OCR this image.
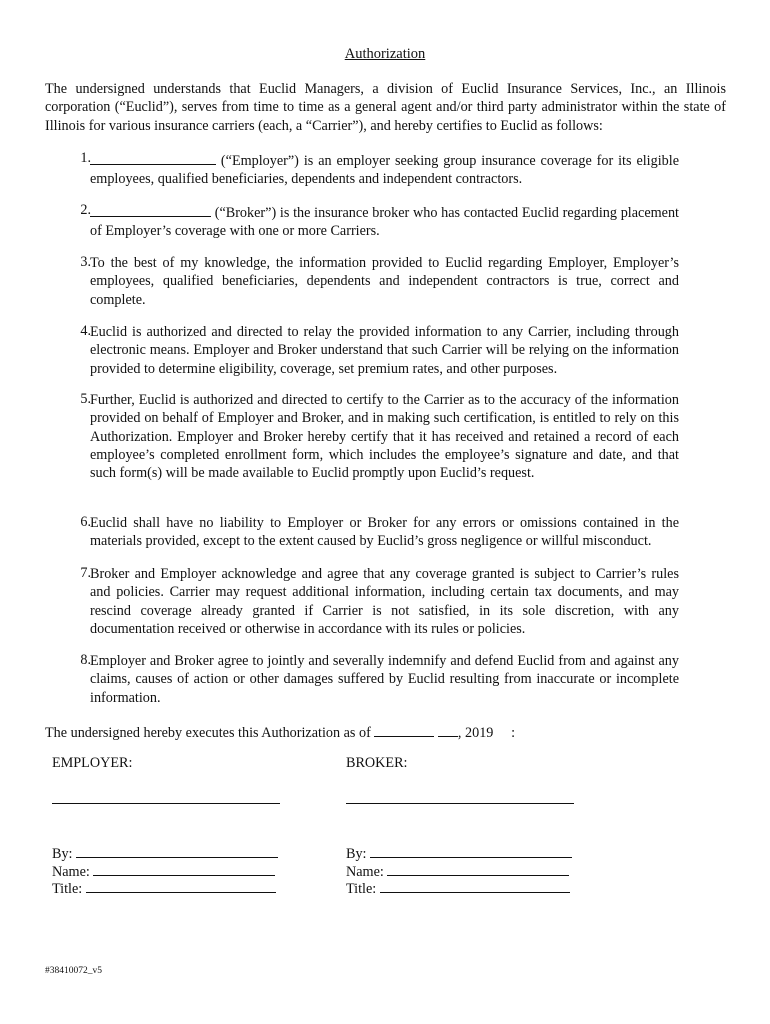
Authorization

The undersigned understands that Euclid Managers, a division of Euclid Insurance Services, Inc., an Illinois corporation (“Euclid”), serves from time to time as a general agent and/or third party administrator within the state of Illinois for various insurance carriers (each, a “Carrier”), and hereby certifies to Euclid as follows:

1.	(“Employer”) is an employer seeking group insurance coverage for its eligible employees, qualified beneficiaries, dependents and independent contractors.
2.	(“Broker”) is the insurance broker who has contacted Euclid regarding placement of Employer’s coverage with one or more Carriers.
3. To the best of my knowledge, the information provided to Euclid regarding Employer, Employer’s employees, qualified beneficiaries, dependents and independent contractors is true, correct and complete.
4. Euclid is authorized and directed to relay the provided information to any Carrier, including through electronic means. Employer and Broker understand that such Carrier will be relying on the information provided to determine eligibility, coverage, set premium rates, and other purposes.
5. Further, Euclid is authorized and directed to certify to the Carrier as to the accuracy of the information provided on behalf of Employer and Broker, and in making such certification, is entitled to rely on this Authorization. Employer and Broker hereby certify that it has received and retained a record of each employee’s completed enrollment form, which includes the employee’s signature and date, and that such form(s) will be made available to Euclid promptly upon Euclid’s request.
6. Euclid shall have no liability to Employer or Broker for any errors or omissions contained in the materials provided, except to the extent caused by Euclid’s gross negligence or willful misconduct.
7. Broker and Employer acknowledge and agree that any coverage granted is subject to Carrier’s rules and policies. Carrier may request additional information, including certain tax documents, and may rescind coverage already granted if Carrier is not satisfied, in its sole discretion, with any documentation received or otherwise in accordance with its rules or policies.
8. Employer and Broker agree to jointly and severally indemnify and defend Euclid from and against any claims, causes of action or other damages suffered by Euclid resulting from inaccurate or incomplete information.
The undersigned hereby executes this Authorization as of	, 2019 :
EMPLOYER:
By:
Name:
Title:
BROKER:
By:
Name:
Title:
#38410072_v5
